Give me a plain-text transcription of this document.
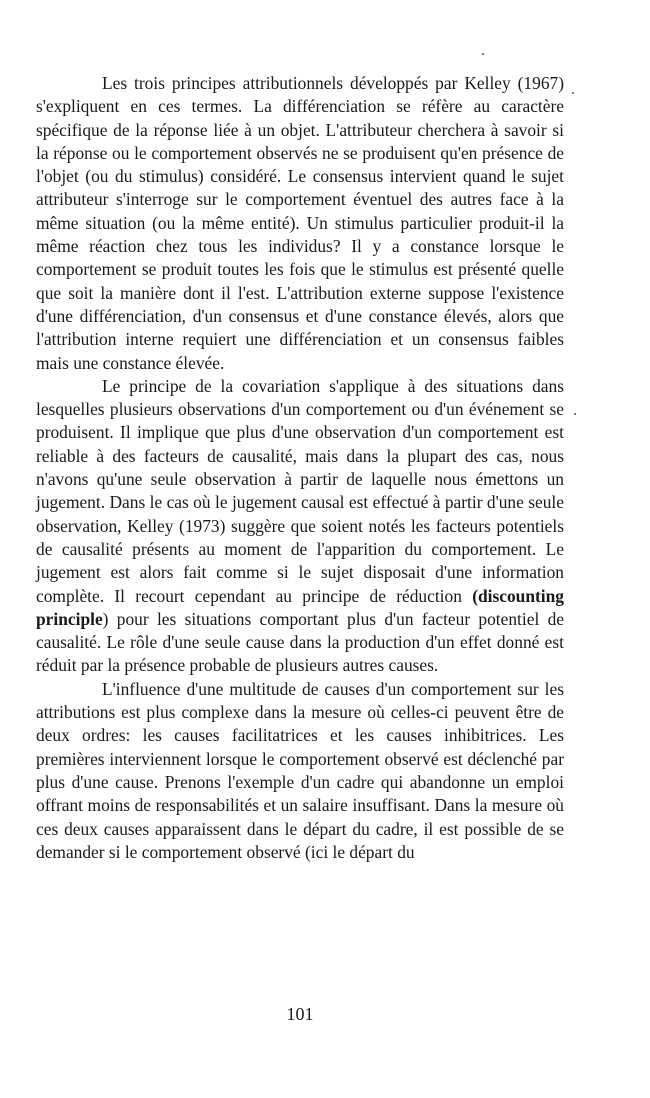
Les trois principes attributionnels développés par Kelley (1967) s'expliquent en ces termes. La différenciation se réfère au caractère spécifique de la réponse liée à un objet. L'attributeur cherchera à savoir si la réponse ou le comportement observés ne se produisent qu'en présence de l'objet (ou du stimulus) considéré. Le consensus intervient quand le sujet attributeur s'interroge sur le comportement éventuel des autres face à la même situation (ou la même entité). Un stimulus particulier produit-il la même réaction chez tous les individus? Il y a constance lorsque le comportement se produit toutes les fois que le stimulus est présenté quelle que soit la manière dont il l'est. L'attribution externe suppose l'existence d'une différenciation, d'un consensus et d'une constance élevés, alors que l'attribution interne requiert une différenciation et un consensus faibles mais une constance élevée.

Le principe de la covariation s'applique à des situations dans lesquelles plusieurs observations d'un comportement ou d'un événement se produisent. Il implique que plus d'une observation d'un comportement est reliable à des facteurs de causalité, mais dans la plupart des cas, nous n'avons qu'une seule observation à partir de laquelle nous émettons un jugement. Dans le cas où le jugement causal est effectué à partir d'une seule observation, Kelley (1973) suggère que soient notés les facteurs potentiels de causalité présents au moment de l'apparition du comportement. Le jugement est alors fait comme si le sujet disposait d'une information complète. Il recourt cependant au principe de réduction (discounting principle) pour les situations comportant plus d'un facteur potentiel de causalité. Le rôle d'une seule cause dans la production d'un effet donné est réduit par la présence probable de plusieurs autres causes.

L'influence d'une multitude de causes d'un comportement sur les attributions est plus complexe dans la mesure où celles-ci peuvent être de deux ordres: les causes facilitatrices et les causes inhibitrices. Les premières interviennent lorsque le comportement observé est déclenché par plus d'une cause. Prenons l'exemple d'un cadre qui abandonne un emploi offrant moins de responsabilités et un salaire insuffisant. Dans la mesure où ces deux causes apparaissent dans le départ du cadre, il est possible de se demander si le comportement observé (ici le départ du

101
